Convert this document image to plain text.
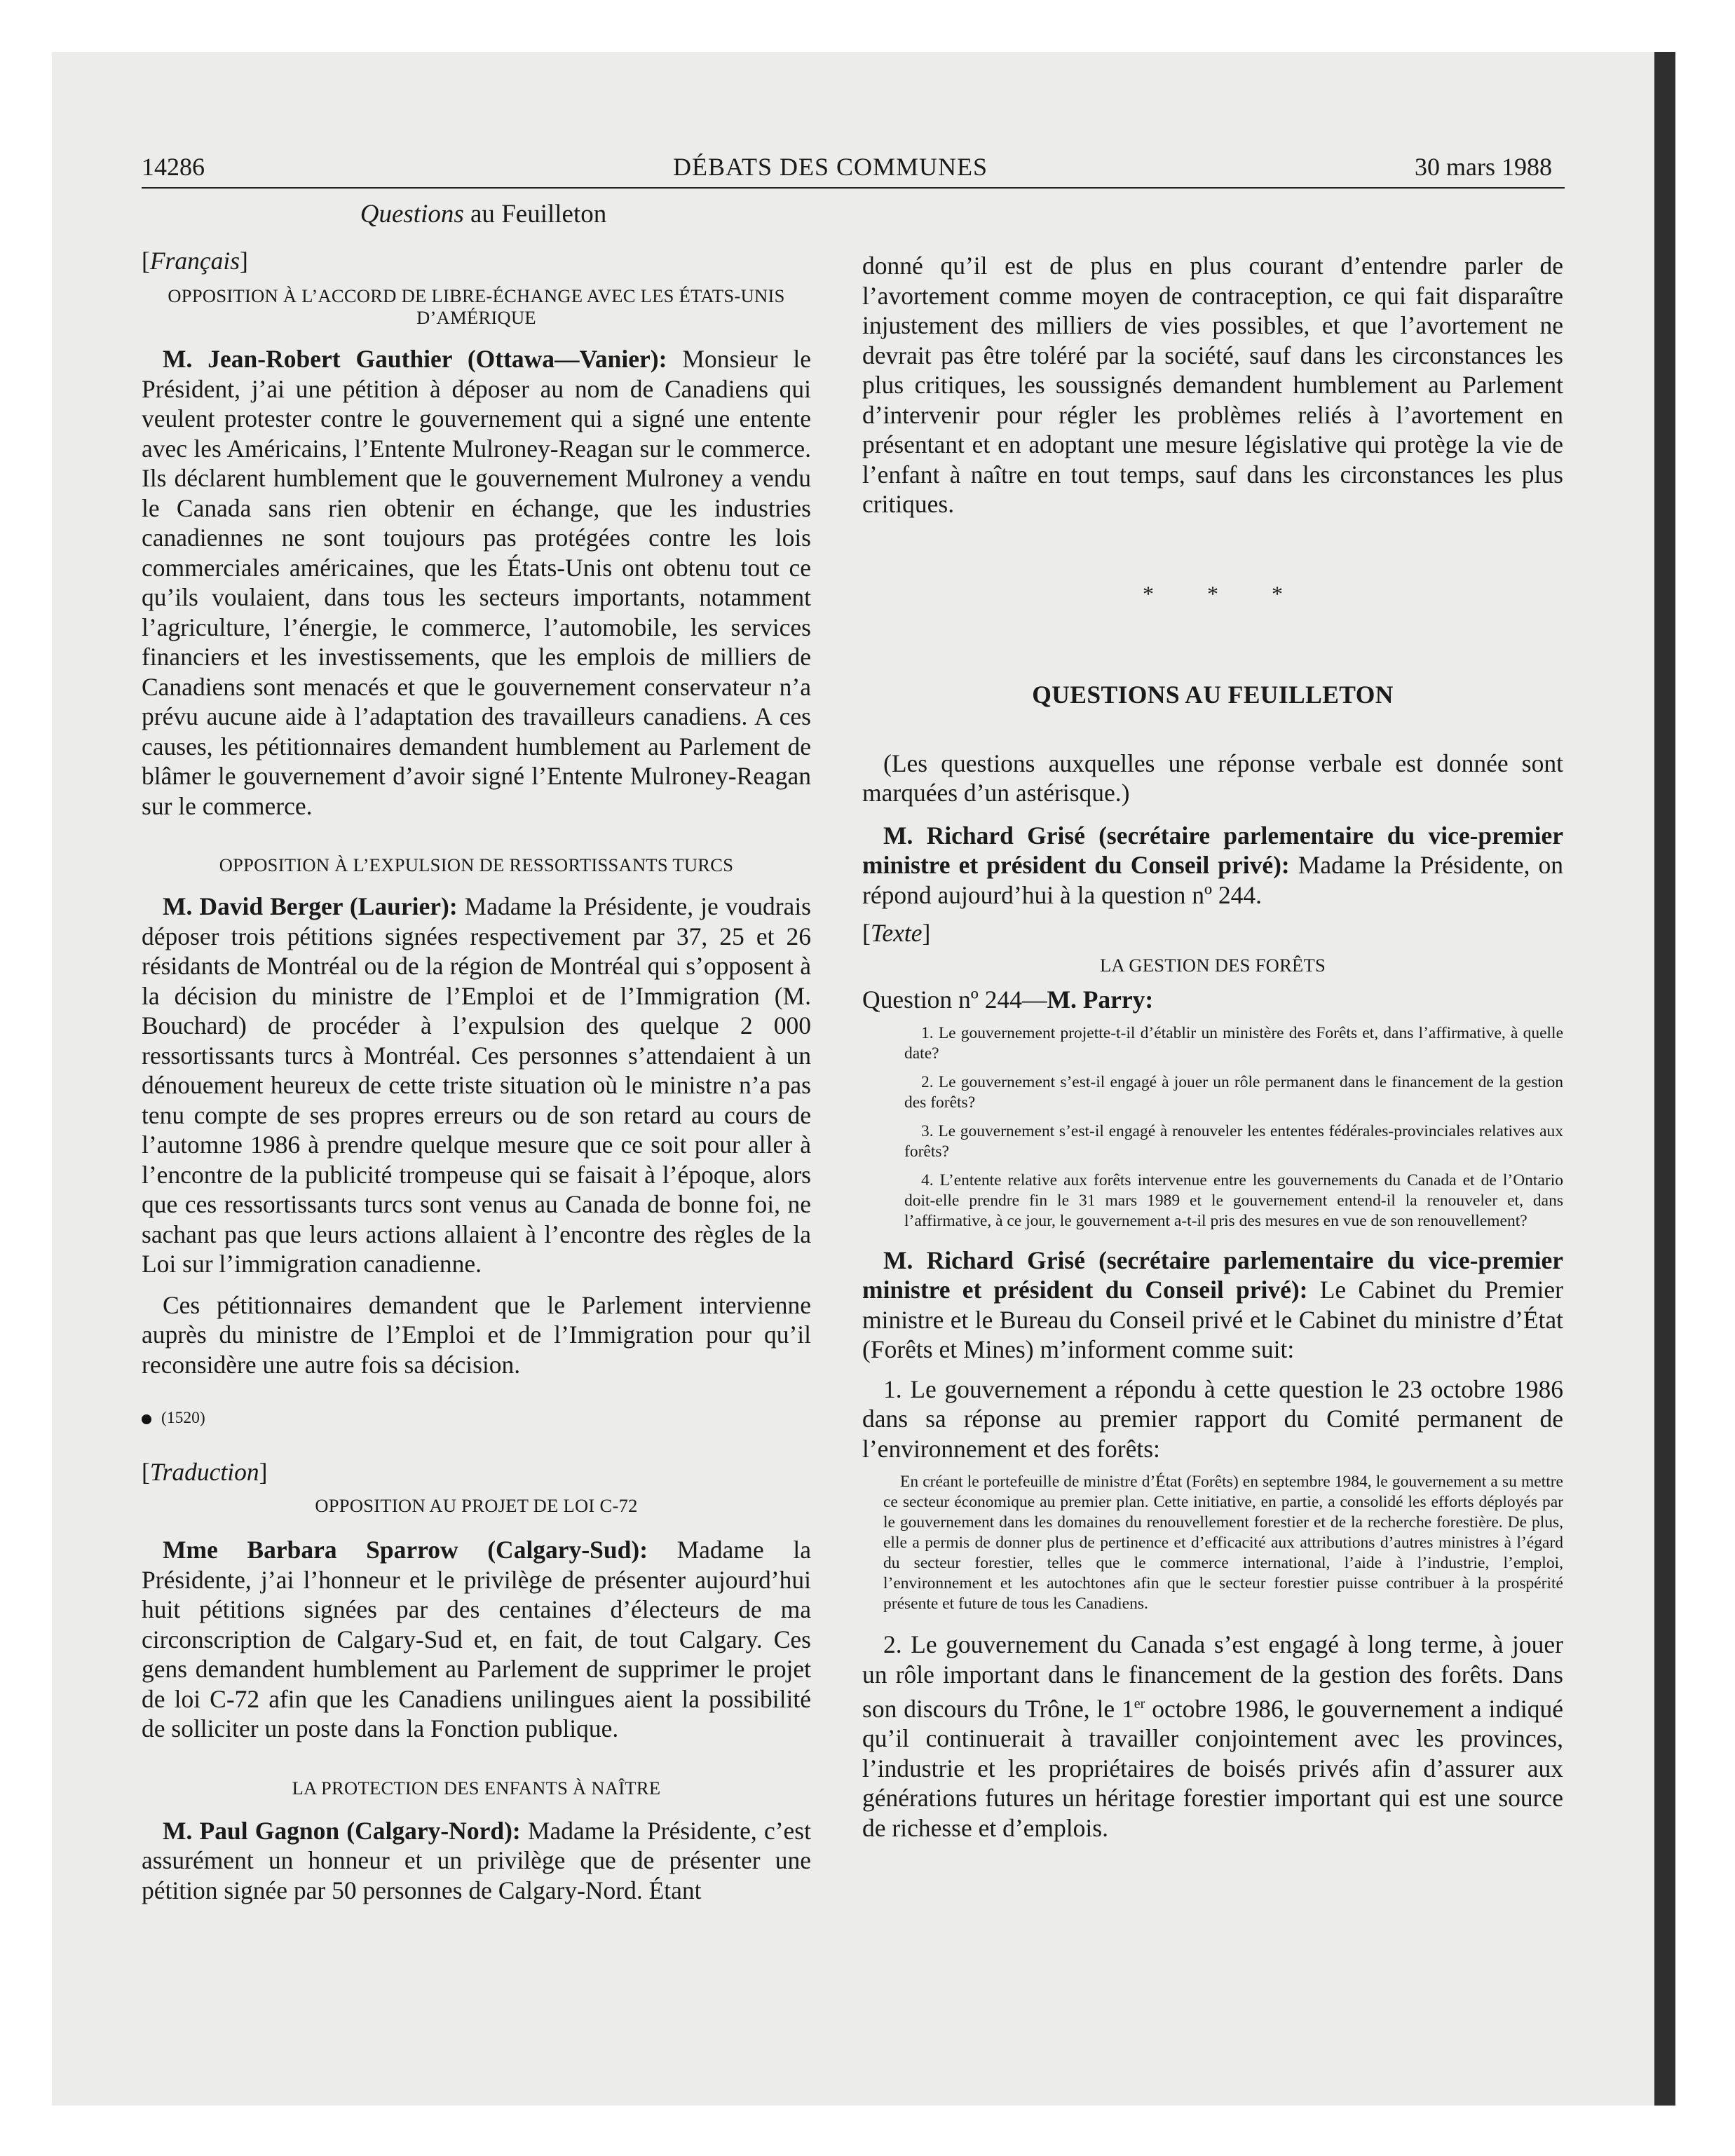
14286	DÉBATS DES COMMUNES	30 mars 1988

Questions au Feuilleton

[Français]

OPPOSITION À L’ACCORD DE LIBRE-ÉCHANGE AVEC LES ÉTATS-UNIS D’AMÉRIQUE

M. Jean-Robert Gauthier (Ottawa—Vanier): Monsieur le Président, j’ai une pétition à déposer au nom de Canadiens qui veulent protester contre le gouvernement qui a signé une entente avec les Américains, l’Entente Mulroney-Reagan sur le commerce. Ils déclarent humblement que le gouvernement Mulroney a vendu le Canada sans rien obtenir en échange, que les industries canadiennes ne sont toujours pas protégées contre les lois commerciales américaines, que les États-Unis ont obtenu tout ce qu’ils voulaient, dans tous les secteurs importants, notamment l’agriculture, l’énergie, le commerce, l’automobile, les services financiers et les investissements, que les emplois de milliers de Canadiens sont menacés et que le gouvernement conservateur n’a prévu aucune aide à l’adaptation des travailleurs canadiens. A ces causes, les pétitionnaires demandent humblement au Parlement de blâmer le gouvernement d’avoir signé l’Entente Mulroney-Reagan sur le commerce.

OPPOSITION À L’EXPULSION DE RESSORTISSANTS TURCS

M. David Berger (Laurier): Madame la Présidente, je voudrais déposer trois pétitions signées respectivement par 37, 25 et 26 résidants de Montréal ou de la région de Montréal qui s’opposent à la décision du ministre de l’Emploi et de l’Immigration (M. Bouchard) de procéder à l’expulsion des quelque 2 000 ressortissants turcs à Montréal. Ces personnes s’attendaient à un dénouement heureux de cette triste situation où le ministre n’a pas tenu compte de ses propres erreurs ou de son retard au cours de l’automne 1986 à prendre quelque mesure que ce soit pour aller à l’encontre de la publicité trompeuse qui se faisait à l’époque, alors que ces ressortissants turcs sont venus au Canada de bonne foi, ne sachant pas que leurs actions allaient à l’encontre des règles de la Loi sur l’immigration canadienne.

Ces pétitionnaires demandent que le Parlement intervienne auprès du ministre de l’Emploi et de l’Immigration pour qu’il reconsidère une autre fois sa décision.

(1520)

[Traduction]

OPPOSITION AU PROJET DE LOI C-72

Mme Barbara Sparrow (Calgary-Sud): Madame la Présidente, j’ai l’honneur et le privilège de présenter aujourd’hui huit pétitions signées par des centaines d’électeurs de ma circonscription de Calgary-Sud et, en fait, de tout Calgary. Ces gens demandent humblement au Parlement de supprimer le projet de loi C-72 afin que les Canadiens unilingues aient la possibilité de solliciter un poste dans la Fonction publique.

LA PROTECTION DES ENFANTS À NAÎTRE

M. Paul Gagnon (Calgary-Nord): Madame la Présidente, c’est assurément un honneur et un privilège que de présenter une pétition signée par 50 personnes de Calgary-Nord. Étant

donné qu’il est de plus en plus courant d’entendre parler de l’avortement comme moyen de contraception, ce qui fait disparaître injustement des milliers de vies possibles, et que l’avortement ne devrait pas être toléré par la société, sauf dans les circonstances les plus critiques, les soussignés demandent humblement au Parlement d’intervenir pour régler les problèmes reliés à l’avortement en présentant et en adoptant une mesure législative qui protège la vie de l’enfant à naître en tout temps, sauf dans les circonstances les plus critiques.

* * *

QUESTIONS AU FEUILLETON

(Les questions auxquelles une réponse verbale est donnée sont marquées d’un astérisque.)

M. Richard Grisé (secrétaire parlementaire du vice-premier ministre et président du Conseil privé): Madame la Présidente, on répond aujourd’hui à la question nº 244.

[Texte]

LA GESTION DES FORÊTS

Question nº 244—M. Parry:

1. Le gouvernement projette-t-il d’établir un ministère des Forêts et, dans l’affirmative, à quelle date?

2. Le gouvernement s’est-il engagé à jouer un rôle permanent dans le financement de la gestion des forêts?

3. Le gouvernement s’est-il engagé à renouveler les ententes fédérales-provinciales relatives aux forêts?

4. L’entente relative aux forêts intervenue entre les gouvernements du Canada et de l’Ontario doit-elle prendre fin le 31 mars 1989 et le gouvernement entend-il la renouveler et, dans l’affirmative, à ce jour, le gouvernement a-t-il pris des mesures en vue de son renouvellement?

M. Richard Grisé (secrétaire parlementaire du vice-premier ministre et président du Conseil privé): Le Cabinet du Premier ministre et le Bureau du Conseil privé et le Cabinet du ministre d’État (Forêts et Mines) m’informent comme suit:

1. Le gouvernement a répondu à cette question le 23 octobre 1986 dans sa réponse au premier rapport du Comité permanent de l’environnement et des forêts:

En créant le portefeuille de ministre d’État (Forêts) en septembre 1984, le gouvernement a su mettre ce secteur économique au premier plan. Cette initiative, en partie, a consolidé les efforts déployés par le gouvernement dans les domaines du renouvellement forestier et de la recherche forestière. De plus, elle a permis de donner plus de pertinence et d’efficacité aux attributions d’autres ministres à l’égard du secteur forestier, telles que le commerce international, l’aide à l’industrie, l’emploi, l’environnement et les autochtones afin que le secteur forestier puisse contribuer à la prospérité présente et future de tous les Canadiens.

2. Le gouvernement du Canada s’est engagé à long terme, à jouer un rôle important dans le financement de la gestion des forêts. Dans son discours du Trône, le 1er octobre 1986, le gouvernement a indiqué qu’il continuerait à travailler conjointement avec les provinces, l’industrie et les propriétaires de boisés privés afin d’assurer aux générations futures un héritage forestier important qui est une source de richesse et d’emplois.
